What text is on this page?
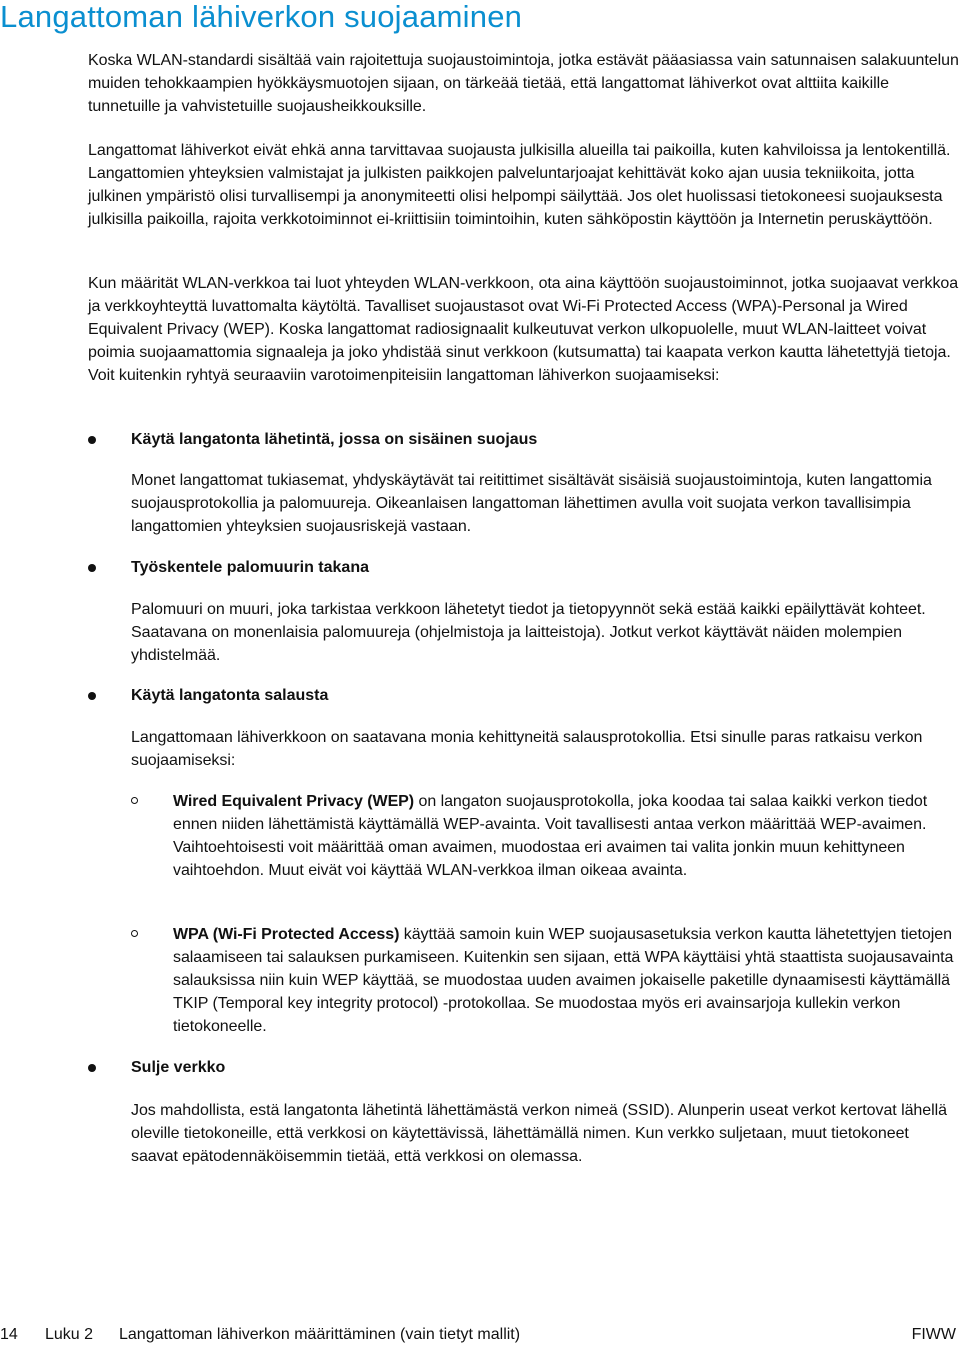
Langattoman lähiverkon suojaaminen

Koska WLAN-standardi sisältää vain rajoitettuja suojaustoimintoja, jotka estävät pääasiassa vain satunnaisen salakuuntelun muiden tehokkaampien hyökkäysmuotojen sijaan, on tärkeää tietää, että langattomat lähiverkot ovat alttiita kaikille tunnetuille ja vahvistetuille suojausheikkouksille.

Langattomat lähiverkot eivät ehkä anna tarvittavaa suojausta julkisilla alueilla tai paikoilla, kuten kahviloissa ja lentokentillä. Langattomien yhteyksien valmistajat ja julkisten paikkojen palveluntarjoajat kehittävät koko ajan uusia tekniikoita, jotta julkinen ympäristö olisi turvallisempi ja anonymiteetti olisi helpompi säilyttää. Jos olet huolissasi tietokoneesi suojauksesta julkisilla paikoilla, rajoita verkkotoiminnot ei-kriittisiin toimintoihin, kuten sähköpostin käyttöön ja Internetin peruskäyttöön.

Kun määrität WLAN-verkkoa tai luot yhteyden WLAN-verkkoon, ota aina käyttöön suojaustoiminnot, jotka suojaavat verkkoa ja verkkoyhteyttä luvattomalta käytöltä. Tavalliset suojaustasot ovat Wi-Fi Protected Access (WPA)-Personal ja Wired Equivalent Privacy (WEP). Koska langattomat radiosignaalit kulkeutuvat verkon ulkopuolelle, muut WLAN-laitteet voivat poimia suojaamattomia signaaleja ja joko yhdistää sinut verkkoon (kutsumatta) tai kaapata verkon kautta lähetettyjä tietoja. Voit kuitenkin ryhtyä seuraaviin varotoimenpiteisiin langattoman lähiverkon suojaamiseksi:

Käytä langatonta lähetintä, jossa on sisäinen suojaus

Monet langattomat tukiasemat, yhdyskäytävät tai reitittimet sisältävät sisäisiä suojaustoimintoja, kuten langattomia suojausprotokollia ja palomuureja. Oikeanlaisen langattoman lähettimen avulla voit suojata verkon tavallisimpia langattomien yhteyksien suojausriskejä vastaan.

Työskentele palomuurin takana

Palomuuri on muuri, joka tarkistaa verkkoon lähetetyt tiedot ja tietopyynnöt sekä estää kaikki epäilyttävät kohteet. Saatavana on monenlaisia palomuureja (ohjelmistoja ja laitteistoja). Jotkut verkot käyttävät näiden molempien yhdistelmää.

Käytä langatonta salausta

Langattomaan lähiverkkoon on saatavana monia kehittyneitä salausprotokollia. Etsi sinulle paras ratkaisu verkon suojaamiseksi:

Wired Equivalent Privacy (WEP) on langaton suojausprotokolla, joka koodaa tai salaa kaikki verkon tiedot ennen niiden lähettämistä käyttämällä WEP-avainta. Voit tavallisesti antaa verkon määrittää WEP-avaimen. Vaihtoehtoisesti voit määrittää oman avaimen, muodostaa eri avaimen tai valita jonkin muun kehittyneen vaihtoehdon. Muut eivät voi käyttää WLAN-verkkoa ilman oikeaa avainta.

WPA (Wi-Fi Protected Access) käyttää samoin kuin WEP suojausasetuksia verkon kautta lähetettyjen tietojen salaamiseen tai salauksen purkamiseen. Kuitenkin sen sijaan, että WPA käyttäisi yhtä staattista suojausavainta salauksissa niin kuin WEP käyttää, se muodostaa uuden avaimen jokaiselle paketille dynaamisesti käyttämällä TKIP (Temporal key integrity protocol) -protokollaa. Se muodostaa myös eri avainsarjoja kullekin verkon tietokoneelle.

Sulje verkko

Jos mahdollista, estä langatonta lähetintä lähettämästä verkon nimeä (SSID). Alunperin useat verkot kertovat lähellä oleville tietokoneille, että verkkosi on käytettävissä, lähettämällä nimen. Kun verkko suljetaan, muut tietokoneet saavat epätodennäköisemmin tietää, että verkkosi on olemassa.

14 Luku 2 Langattoman lähiverkon määrittäminen (vain tietyt mallit)	FIWW
